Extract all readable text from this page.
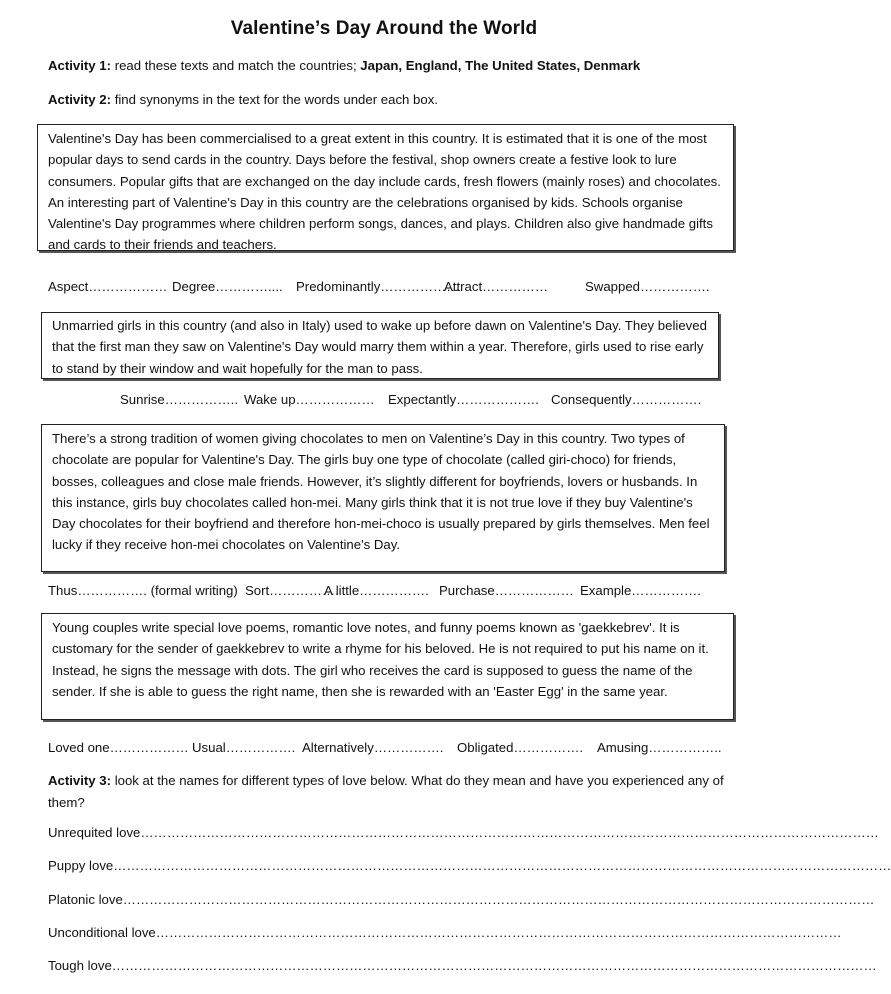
Valentine’s Day Around the World
Activity 1: read these texts and match the countries; Japan, England, The United States, Denmark
Activity 2: find synonyms in the text for the words under each box.

Valentine's Day has been commercialised to a great extent in this country. It is estimated that it is one of the most popular days to send cards in the country. Days before the festival, shop owners create a festive look to lure consumers. Popular gifts that are exchanged on the day include cards, fresh flowers (mainly roses) and chocolates. An interesting part of Valentine's Day in this country are the celebrations organised by kids. Schools organise Valentine's Day programmes where children perform songs, dances, and plays. Children also give handmade gifts and cards to their friends and teachers.

Aspect……………… Degree………….... Predominantly………………
Attract……………	Swapped…………….

Unmarried girls in this country (and also in Italy) used to wake up before dawn on Valentine's Day. They believed that the first man they saw on Valentine's Day would marry them within a year. Therefore, girls used to rise early to stand by their window and wait hopefully for the man to pass.

Sunrise…………….. Wake up……………… Expectantly………………. Consequently…………….

There’s a strong tradition of women giving chocolates to men on Valentine’s Day in this country. Two types of chocolate are popular for Valentine's Day. The girls buy one type of chocolate (called giri-choco) for friends, bosses, colleagues and close male friends. However, it’s slightly different for boyfriends, lovers or husbands. In this instance, girls buy chocolates called hon-mei. Many girls think that it is not true love if they buy Valentine's Day chocolates for their boyfriend and therefore hon-mei-choco is usually prepared by girls themselves. Men feel lucky if they receive hon-mei chocolates on Valentine's Day.

Thus……………. (formal writing) Sort…………….
A little……………. Purchase……………… Example…………….

Young couples write special love poems, romantic love notes, and funny poems known as 'gaekkebrev'. It is customary for the sender of gaekkebrev to write a rhyme for his beloved. He is not required to put his name on it. Instead, he signs the message with dots. The girl who receives the card is supposed to guess the name of the sender. If she is able to guess the right name, then she is rewarded with an 'Easter Egg' in the same year.

Loved one……………… Usual……………. Alternatively……………. Obligated……………. Amusing……………..
Activity 3: look at the names for different types of love below. What do they mean and have you experienced any of them?
Unrequited love……………………………………………………………………………………………………………………………………………………
Puppy love……………………………………………………………………………………………………………………………………………………………
Platonic love………………………………………………………………………………………………………………………………………………………
Unconditional love…………………………………………………………………………………………………………………………………………
Tough love…………………………………………………………………………………………………………………………………………………………
